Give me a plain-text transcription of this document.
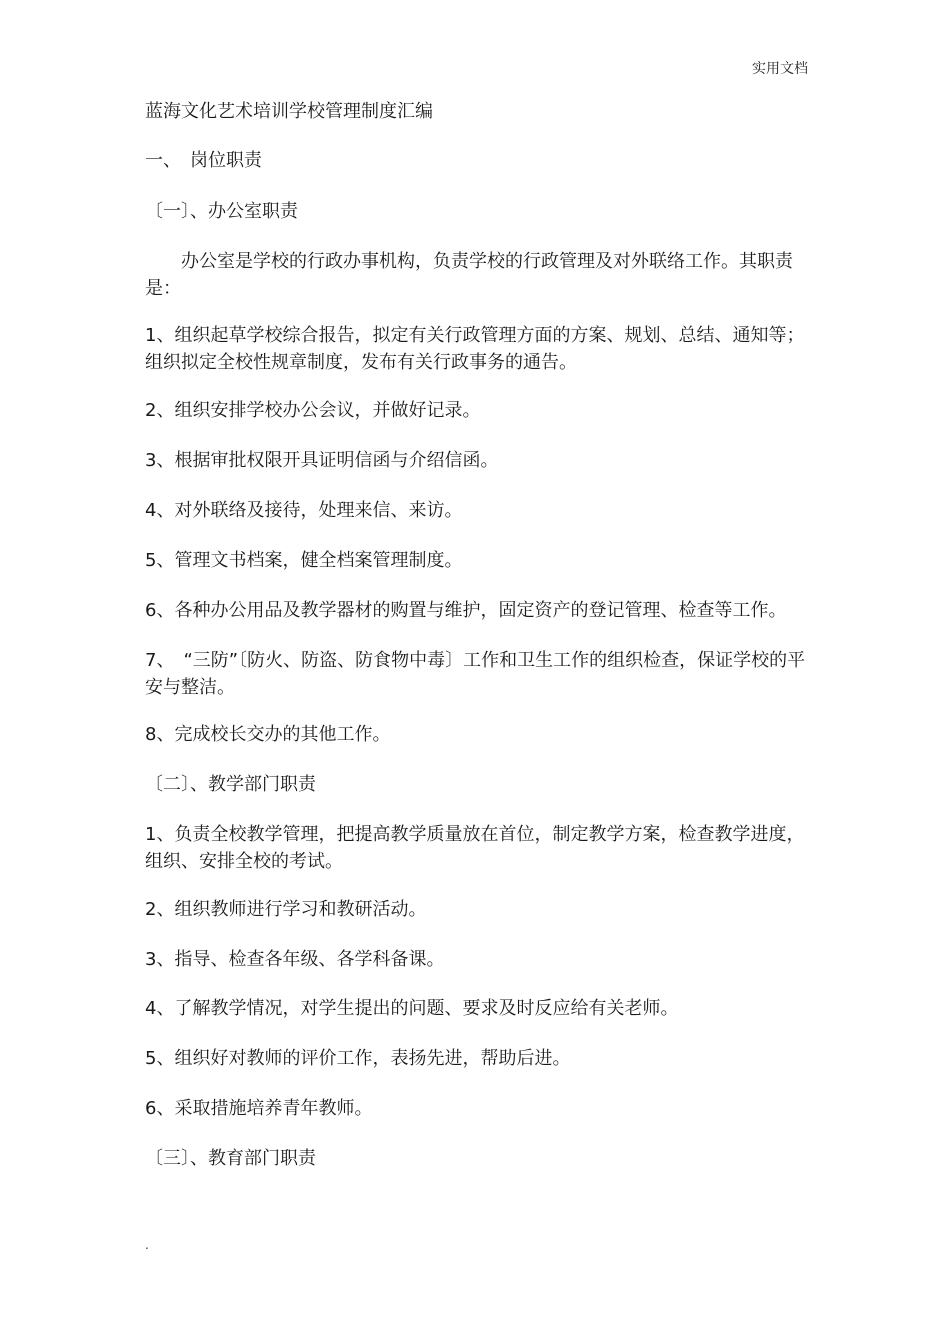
实用文档
蓝海文化艺术培训学校管理制度汇编
一、　岗位职责
〔一〕、办公室职责
　办公室是学校的行政办事机构，负责学校的行政管理及对外联络工作。其职责是：
1、组织起草学校综合报告，拟定有关行政管理方面的方案、规划、总结、通知等；组织拟定全校性规章制度，发布有关行政事务的通告。
2、组织安排学校办公会议，并做好记录。
3、根据审批权限开具证明信函与介绍信函。
4、对外联络及接待，处理来信、来访。
5、管理文书档案，健全档案管理制度。
6、各种办公用品及教学器材的购置与维护，固定资产的登记管理、检查等工作。
7、　“三防”〔防火、防盗、防食物中毒〕工作和卫生工作的组织检查，保证学校的平安与整洁。
8、完成校长交办的其他工作。
〔二〕、教学部门职责
1、负责全校教学管理，把提高教学质量放在首位，制定教学方案，检查教学进度，组织、安排全校的考试。
2、组织教师进行学习和教研活动。
3、指导、检查各年级、各学科备课。
4、了解教学情况，对学生提出的问题、要求及时反应给有关老师。
5、组织好对教师的评价工作，表扬先进，帮助后进。
6、采取措施培养青年教师。
〔三〕、教育部门职责
.
